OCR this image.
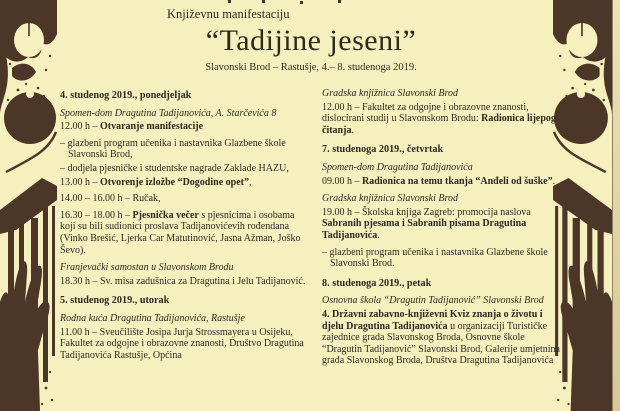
Književnu manifestaciju
“Tadijine jeseni”
Slavonski Brod – Rastušje, 4.– 8. studenoga 2019.

4. studenog 2019., ponedjeljak

Spomen-dom Dragutina Tadijanovića, A. Starčevića 8

12.00 h – Otvaranje manifestacije

– glazbeni program učenika i nastavnika Glazbene škole Slavonski Brod,

– dodjela pjesničke i studentske nagrade Zaklade HAZU,

13.00 h – Otvorenje izložbe “Dogodine opet”,

14.00 – 16.00 h – Ručak,

16.30 – 18.00 h – Pjesnička večer s pjesnicima i osobama koji su bili sudionici proslava Tadijanovićevih rođendana (Vinko Brešić, Ljerka Car Matutinović, Jasna Ažman, Joško Ševo).

Franjevački samostan u Slavonskom Brodu

18.30 h – Sv. misa zadušnica za Dragutina i Jelu Tadijanović.

5. studenog 2019., utorak

Rodna kuća Dragutina Tadijanovića, Rastušje

11.00 h – Sveučilište Josipa Jurja Strossmayera u Osijeku, Fakultet za odgojne i obrazovne znanosti, Društvo Dragutina Tadijanovića Rastušje, Općina

Gradska knjižnica Slavonski Brod

12.00 h – Fakultet za odgojne i obrazovne znanosti, dislocirani studij u Slavonskom Brodu: Radionica lijepog čitanja.

7. studenoga 2019., četvrtak

Spomen-dom Dragutina Tadijanovića

09.00 h – Radionica na temu tkanja “Anđeli od šuške”.

Gradska knjižnica Slavonski Brod

19.00 h – Školska knjiga Zagreb: promocija naslova Sabranih pjesama i Sabranih pisama Dragutina Tadijanovića.

– glazbeni program učenika i nastavnika Glazbene škole Slavonski Brod.

8. studenoga 2019., petak

Osnovna škola “Dragutin Tadijanović” Slavonski Brod

4. Državni zabavno-književni Kviz znanja o životu i djelu Dragutina Tadijanovića u organizaciji Turističke zajednice grada Slavonskog Broda, Osnovne škole “Dragutin Tadijanović” Slavonski Brod, Galerije umjetnina grada Slavonskog Broda, Društva Dragutina Tadijanovića
